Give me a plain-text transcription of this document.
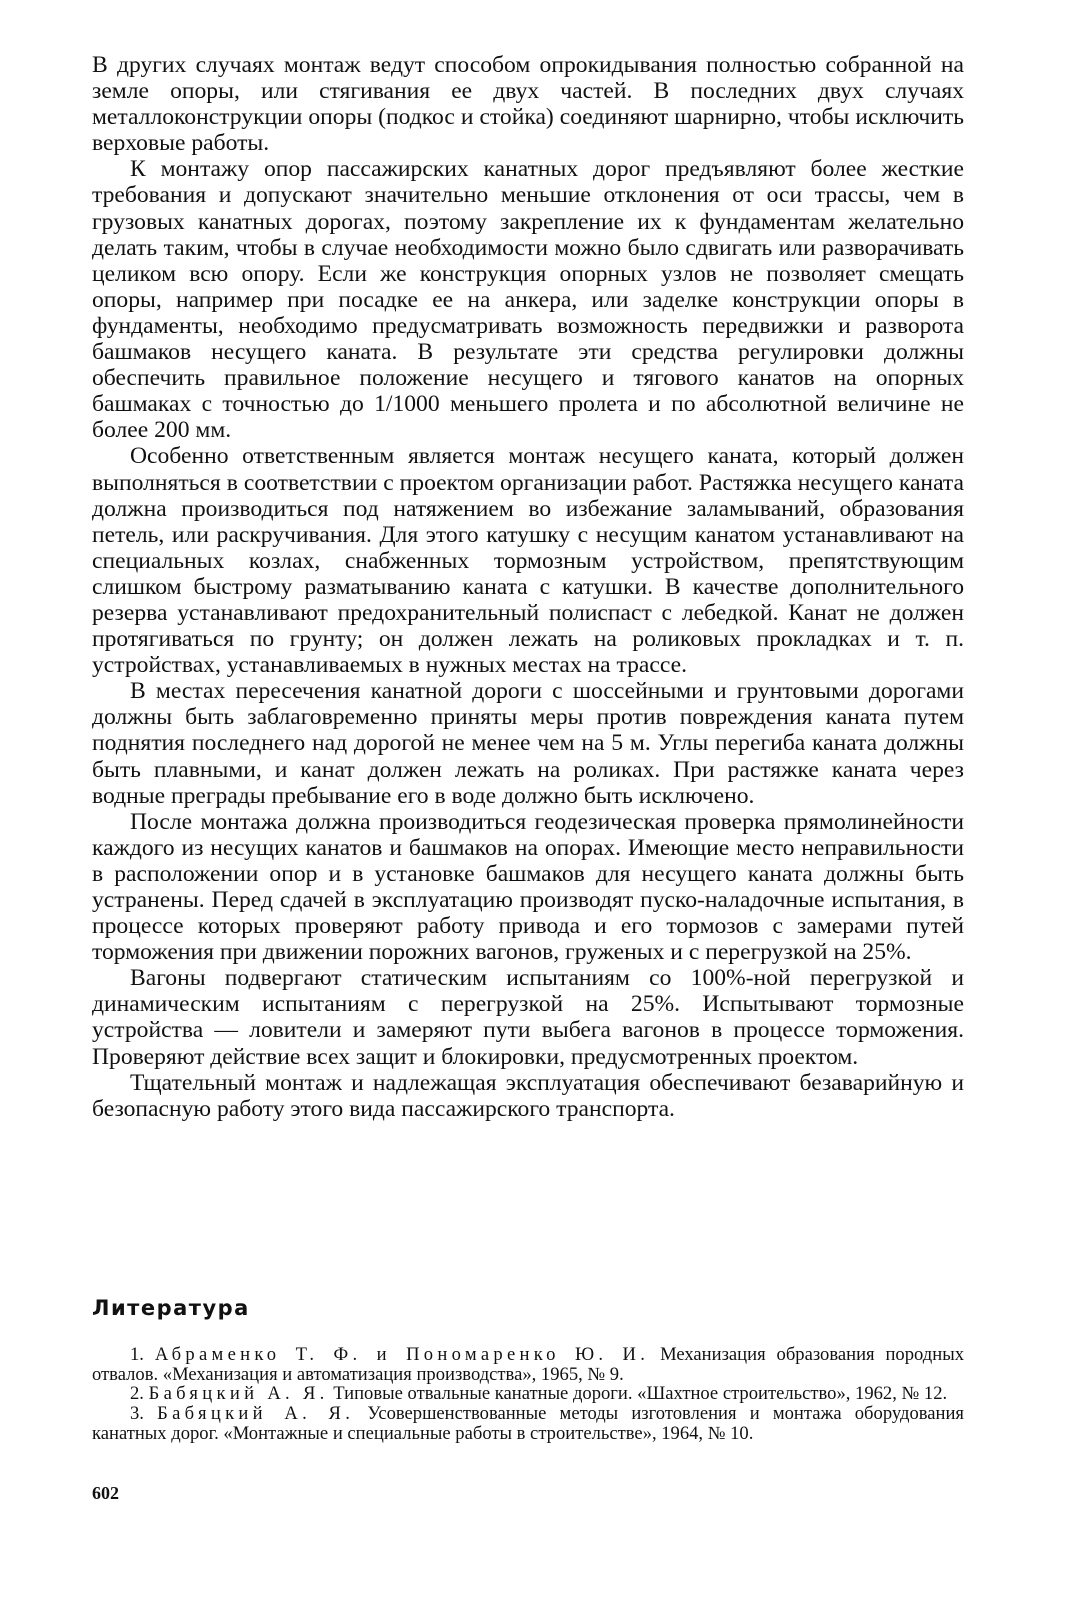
В других случаях монтаж ведут способом опрокидывания полностью собранной на земле опоры, или стягивания ее двух частей. В последних двух случаях металлоконструкции опоры (подкос и стойка) соединяют шарнирно, чтобы исключить верховые работы.

К монтажу опор пассажирских канатных дорог предъявляют более жесткие требования и допускают значительно меньшие отклонения от оси трассы, чем в грузовых канатных дорогах, поэтому закрепление их к фундаментам желательно делать таким, чтобы в случае необходимости можно было сдвигать или разворачивать целиком всю опору. Если же конструкция опорных узлов не позволяет смещать опоры, например при посадке ее на анкера, или заделке конструкции опоры в фундаменты, необходимо предусматривать возможность передвижки и разворота башмаков несущего каната. В результате эти средства регулировки должны обеспечить правильное положение несущего и тягового канатов на опорных башмаках с точностью до 1/1000 меньшего пролета и по абсолютной величине не более 200 мм.

Особенно ответственным является монтаж несущего каната, который должен выполняться в соответствии с проектом организации работ. Растяжка несущего каната должна производиться под натяжением во избежание заламываний, образования петель, или раскручивания. Для этого катушку с несущим канатом устанавливают на специальных козлах, снабженных тормозным устройством, препятствующим слишком быстрому разматыванию каната с катушки. В качестве дополнительного резерва устанавливают предохранительный полиспаст с лебедкой. Канат не должен протягиваться по грунту; он должен лежать на роликовых прокладках и т. п. устройствах, устанавливаемых в нужных местах на трассе.

В местах пересечения канатной дороги с шоссейными и грунтовыми дорогами должны быть заблаговременно приняты меры против повреждения каната путем поднятия последнего над дорогой не менее чем на 5 м. Углы перегиба каната должны быть плавными, и канат должен лежать на роликах. При растяжке каната через водные преграды пребывание его в воде должно быть исключено.

После монтажа должна производиться геодезическая проверка прямолинейности каждого из несущих канатов и башмаков на опорах. Имеющие место неправильности в расположении опор и в установке башмаков для несущего каната должны быть устранены. Перед сдачей в эксплуатацию производят пуско-наладочные испытания, в процессе которых проверяют работу привода и его тормозов с замерами путей торможения при движении порожних вагонов, груженых и с перегрузкой на 25%.

Вагоны подвергают статическим испытаниям со 100%-ной перегрузкой и динамическим испытаниям с перегрузкой на 25%. Испытывают тормозные устройства — ловители и замеряют пути выбега вагонов в процессе торможения. Проверяют действие всех защит и блокировки, предусмотренных проектом.

Тщательный монтаж и надлежащая эксплуатация обеспечивают безаварийную и безопасную работу этого вида пассажирского транспорта.

Литература

1. Абраменко Т. Ф. и Пономаренко Ю. И. Механизация образования породных отвалов. «Механизация и автоматизация производства», 1965, № 9.

2. Бабяцкий А. Я. Типовые отвальные канатные дороги. «Шахтное строительство», 1962, № 12.

3. Бабяцкий А. Я. Усовершенствованные методы изготовления и монтажа оборудования канатных дорог. «Монтажные и специальные работы в строительстве», 1964, № 10.

602
